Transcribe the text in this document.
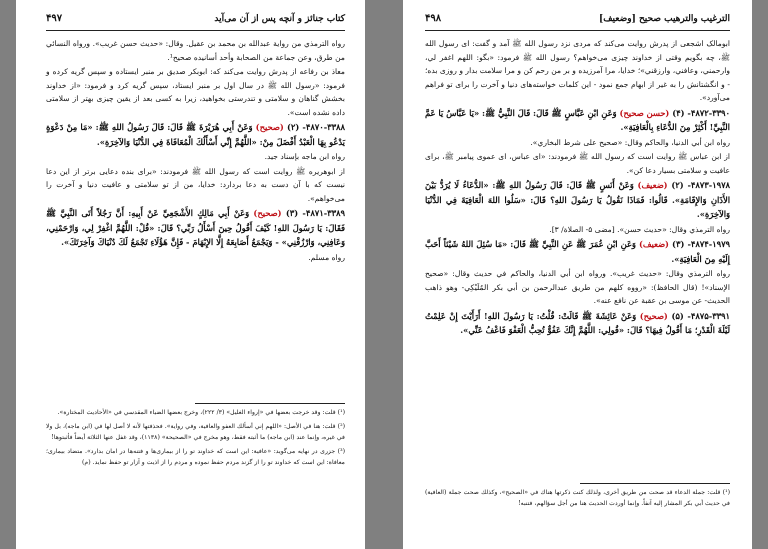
کتاب جنائز و آنچه پس از آن می‌آید
۴۹۷

رواه الترمذي من رواية عبدالله بن محمد بن عقيل. وقال: «حديث حسن غريب». ورواه النسائي من طرق، وعن جماعة من الصحابة وأحد أسانيده صحيح¹.

معاذ بن رفاعه از پدرش روایت می‌کند که: ابوبکر صدیق بر منبر ایستاده و سپس گریه کرده و فرمود: «رسول الله ﷺ در سال اول بر منبر ایستاد، سپس گریه کرد و فرمود: «از خداوند بخشش گناهان و سلامتی و تندرستی بخواهید، زیرا به کسی بعد از یقین چیزی بهتر از سلامتی داده نشده است».

۴۸۷۰-۳۳۸۸- (۲) (صحيح) وَعَنْ أَبِي هُرَيْرَةَ ﷺ قَالَ: قَالَ رَسُولُ اللهِ ﷺ: «مَا مِنْ دَعْوَةٍ يَدْعُو بِهَا الْعَبْدُ أَفْضَلَ مِنْ: «اللَّهُمَّ إِنِّي أَسْأَلُكَ الْمُعَافَاةَ فِي الدُّنْيَا وَالآخِرَةِ».

رواه ابن ماجه بإسناد جيد.

از ابوهریره ﷺ روایت است که رسول الله ﷺ فرمودند: «برای بنده دعایی برتر از این دعا نیست که با آن دست به دعا بردارد: خدایا، من از تو سلامتی و عافیت دنیا و آخرت را می‌خواهم».

۴۸۷۱-۳۳۸۹- (۳) (صحيح) وَعَنْ أَبِي مَالِكٍ الأَشْجَعِيِّ عَنْ أَبِيهِ: أَنَّ رَجُلاً أَتَى النَّبِيَّ ﷺ فَقَالَ: يَا رَسُولَ اللهِ! كَيْفَ أَقُولُ حِينَ أَسْأَلُ رَبِّي؟ قَالَ: «قُلْ: اللَّهُمَّ اغْفِرْ لِي، وَارْحَمْنِي، وَعَافِنِي، وَارْزُقْنِي» - وَيَجْمَعُ أَصَابِعَهُ إِلَّا الإِبْهَامَ - فَإِنَّ هَؤُلَاءِ تَجْمَعُ لَكَ دُنْيَاكَ وَآخِرَتَكَ».

رواه مسلم.

(¹) قلت: وقد خرجت بعضها في «إرواء الغليل» (۳/ ۲۲۲)، وخرج بعضها الضياء المقدسي في «الأحاديث المختارة».

(²) قلت: هنا في الأصل: «اللهم إني أسألك العفو والعافية، وفي رواية». فحذفتها لأنه لا أصل لها في (ابن ماجه)، بل ولا في غيره، وإنما عند (ابن ماجه) ما أثبته فقط، وهو مخرج في «الصحيحة» (۱۱۳۸)، وقد غفل عنها الثلاثة أيضاً فأثبتوها!

(³) جزری در نهایه می‌گوید: «عافیة: این است که خداوند تو را از بیماری‌ها و فتنه‌ها در امان بدارد». متضاد بیماری؛ معافاة: این است که خداوند تو را از گزند مردم حفظ نموده و مردم را از اذیت و آزار تو حفظ نماید. (م)

الترغيب والترهيب صحيح [وضعيف]
۴۹۸

ابومالک اشجعی از پدرش روایت می‌کند که مردی نزد رسول الله ﷺ آمد و گفت: ای رسول الله ﷺ، چه بگویم وقتی از خداوند چیزی می‌خواهم؟ رسول الله ﷺ فرمود: «بگو: اللهم اغفر لي، وارحمني، وعافني، وارزقني»؛ خدایا، مرا آمرزیده و بر من رحم کن و مرا سلامت بدار و روزی بده؛ - و انگشتانش را به غیر از ابهام جمع نمود - این کلمات خواسته‌های دنیا و آخرت را برای تو فراهم می‌آورد».

۴۸۷۲-۳۳۹۰- (۴) (حسن صحيح) وَعَنِ ابْنِ عَبَّاسٍ ﷺ قَالَ: قَالَ النَّبِيُّ ﷺ: «يَا عَبَّاسُ يَا عَمَّ النَّبِيِّ! أَكْثِرْ مِنَ الدُّعَاءِ بِالْعَافِيَةِ».

رواه ابن أبي الدنيا، والحاكم وقال: «صحيح على شرط البخاري».

از ابن عباس ﷺ روایت است که رسول الله ﷺ فرمودند: «ای عباس، ای عموی پیامبر ﷺ، برای عافیت و سلامتی بسیار دعا کن».

۴۸۷۳-۱۹۷۸- (۲) (ضعيف) وَعَنْ أَنَسٍ ﷺ قَالَ: قَالَ رَسُولُ اللهِ ﷺ: «الدُّعَاءُ لَا يُرَدُّ بَيْنَ الأَذَانِ وَالإِقَامَةِ». قَالُوا: فَمَاذَا نَقُولُ يَا رَسُولَ اللهِ؟ قَالَ: «سَلُوا اللهَ الْعَافِيَةَ فِي الدُّنْيَا وَالآخِرَةِ».

رواه الترمذي وقال: «حديث حسن». [مضى ۵- الصلاة/ ۳].

۴۸۷۴-۱۹۷۹- (۳) (ضعيف) وَعَنِ ابْنِ عُمَرَ ﷺ عَنِ النَّبِيِّ ﷺ قَالَ: «مَا سُئِلَ اللهُ شَيْئاً أَحَبَّ إِلَيْهِ مِنَ الْعَافِيَةِ».

رواه الترمذي وقال: «حديث غريب». ورواه ابن أبي الدنيا، والحاكم في حديث وقال: «صحيح الإسناد»! (قال الحافظ): «رووه كلهم من طريق عبدالرحمن بن أبي بكر المُلَيْكِي- وهو ذاهب الحديث- عن موسى بن عقبة عن نافع عنه».

۴۸۷۵-۳۳۹۱- (۵) (صحيح) وَعَنْ عَائِشَةَ ﷺ قَالَتْ: قُلْتُ: يَا رَسُولَ اللهِ! أَرَأَيْتَ إِنْ عَلِمْتُ لَيْلَةَ الْقَدْرِ؛ مَا أَقُولُ فِيهَا؟ قَالَ: «قُولِي: اللَّهُمَّ إِنَّكَ عَفُوٌّ تُحِبُّ الْعَفْوَ فَاعْفُ عَنِّي».

(¹) قلت: جملة الدعاء قد صحت من طريق أخرى، ولذلك كنت ذكرتها هناك في «الصحيح»، وكذلك صحت جملة (العافية) في حديث أبي بكر المشار إليه آنفاً. وإنما أوردت الحديث هنا من أجل سؤالهم، فتنبه!
